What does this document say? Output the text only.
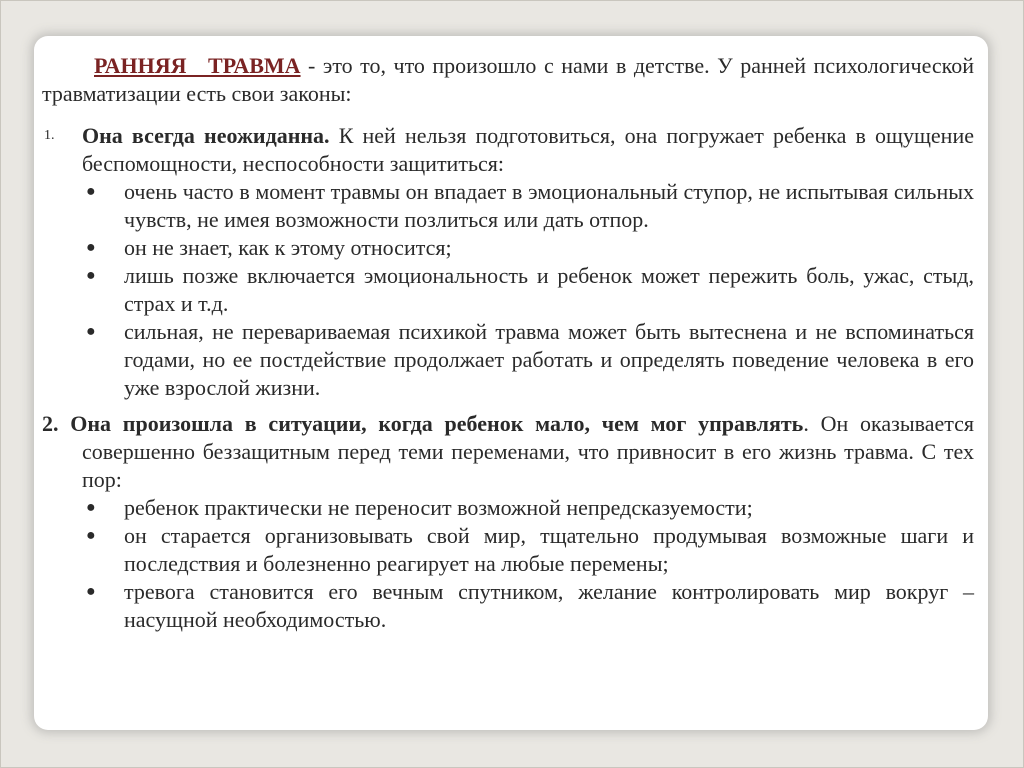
РАННЯЯ ТРАВМА - это то, что произошло с нами в детстве. У ранней психологической травматизации есть свои законы:

1. Она всегда неожиданна. К ней нельзя подготовиться, она погружает ребенка в ощущение беспомощности, неспособности защититься:

● очень часто в момент травмы он впадает в эмоциональный ступор, не испытывая сильных чувств, не имея возможности позлиться или дать отпор.
● он не знает, как к этому относится;
● лишь позже включается эмоциональность и ребенок может пережить боль, ужас, стыд, страх и т.д.
● сильная, не перевариваемая психикой травма может быть вытеснена и не вспоминаться годами, но ее постдействие продолжает работать и определять поведение человека в его уже взрослой жизни.

2. Она произошла в ситуации, когда ребенок мало, чем мог управлять. Он оказывается совершенно беззащитным перед теми переменами, что привносит в его жизнь травма. С тех пор:

● ребенок практически не переносит возможной непредсказуемости;
● он старается организовывать свой мир, тщательно продумывая возможные шаги и последствия и болезненно реагирует на любые перемены;
● тревога становится его вечным спутником, желание контролировать мир вокруг – насущной необходимостью.
